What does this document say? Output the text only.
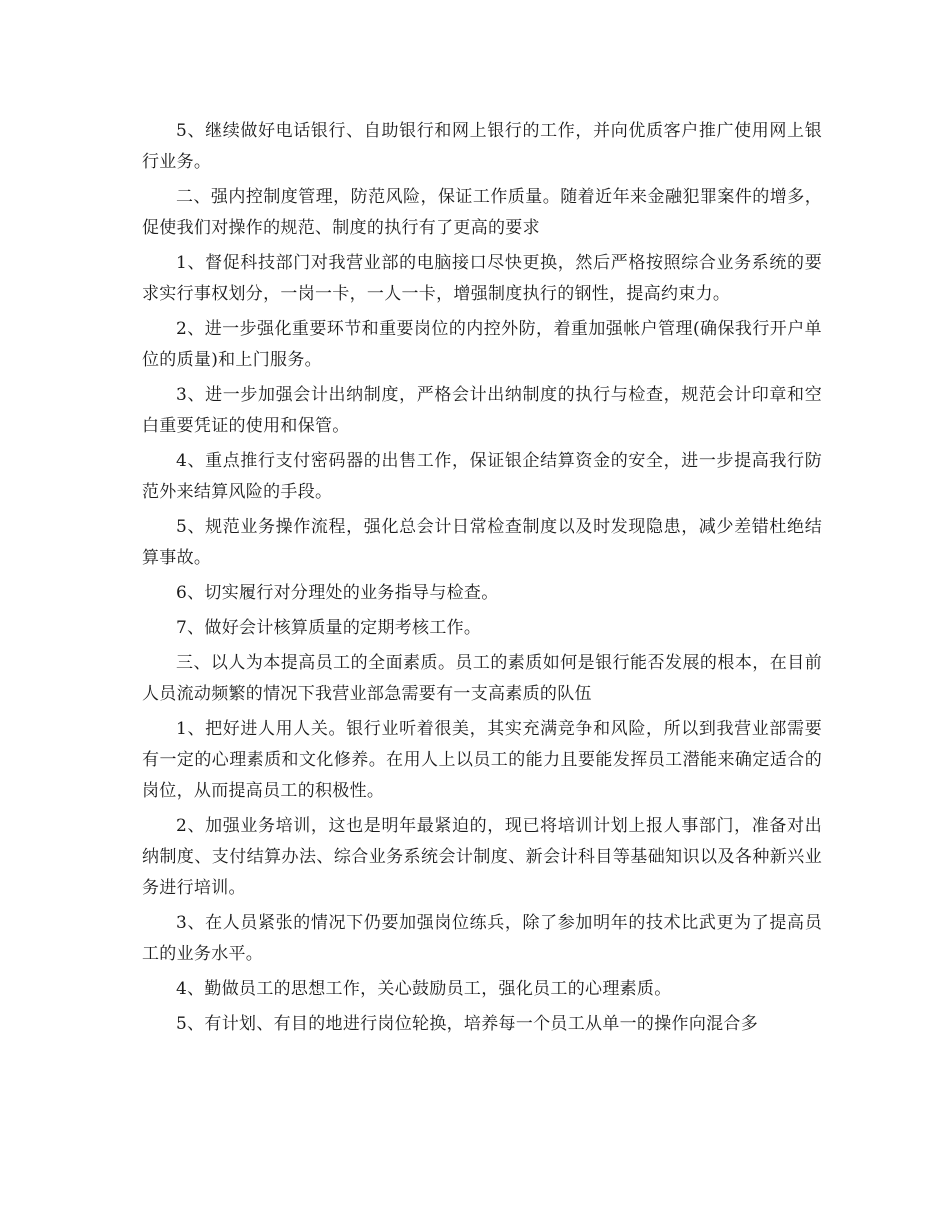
5、继续做好电话银行、自助银行和网上银行的工作，并向优质客户推广使用网上银行业务。

二、强内控制度管理，防范风险，保证工作质量。随着近年来金融犯罪案件的增多，促使我们对操作的规范、制度的执行有了更高的要求

1、督促科技部门对我营业部的电脑接口尽快更换，然后严格按照综合业务系统的要求实行事权划分，一岗一卡，一人一卡，增强制度执行的钢性，提高约束力。

2、进一步强化重要环节和重要岗位的内控外防，着重加强帐户管理(确保我行开户单位的质量)和上门服务。

3、进一步加强会计出纳制度，严格会计出纳制度的执行与检查，规范会计印章和空白重要凭证的使用和保管。

4、重点推行支付密码器的出售工作，保证银企结算资金的安全，进一步提高我行防范外来结算风险的手段。

5、规范业务操作流程，强化总会计日常检查制度以及时发现隐患，减少差错杜绝结算事故。

6、切实履行对分理处的业务指导与检查。

7、做好会计核算质量的定期考核工作。

三、以人为本提高员工的全面素质。员工的素质如何是银行能否发展的根本，在目前人员流动频繁的情况下我营业部急需要有一支高素质的队伍

1、把好进人用人关。银行业听着很美，其实充满竞争和风险，所以到我营业部需要有一定的心理素质和文化修养。在用人上以员工的能力且要能发挥员工潜能来确定适合的岗位，从而提高员工的积极性。

2、加强业务培训，这也是明年最紧迫的，现已将培训计划上报人事部门，准备对出纳制度、支付结算办法、综合业务系统会计制度、新会计科目等基础知识以及各种新兴业务进行培训。

3、在人员紧张的情况下仍要加强岗位练兵，除了参加明年的技术比武更为了提高员工的业务水平。

4、勤做员工的思想工作，关心鼓励员工，强化员工的心理素质。

5、有计划、有目的地进行岗位轮换，培养每一个员工从单一的操作向混合多
